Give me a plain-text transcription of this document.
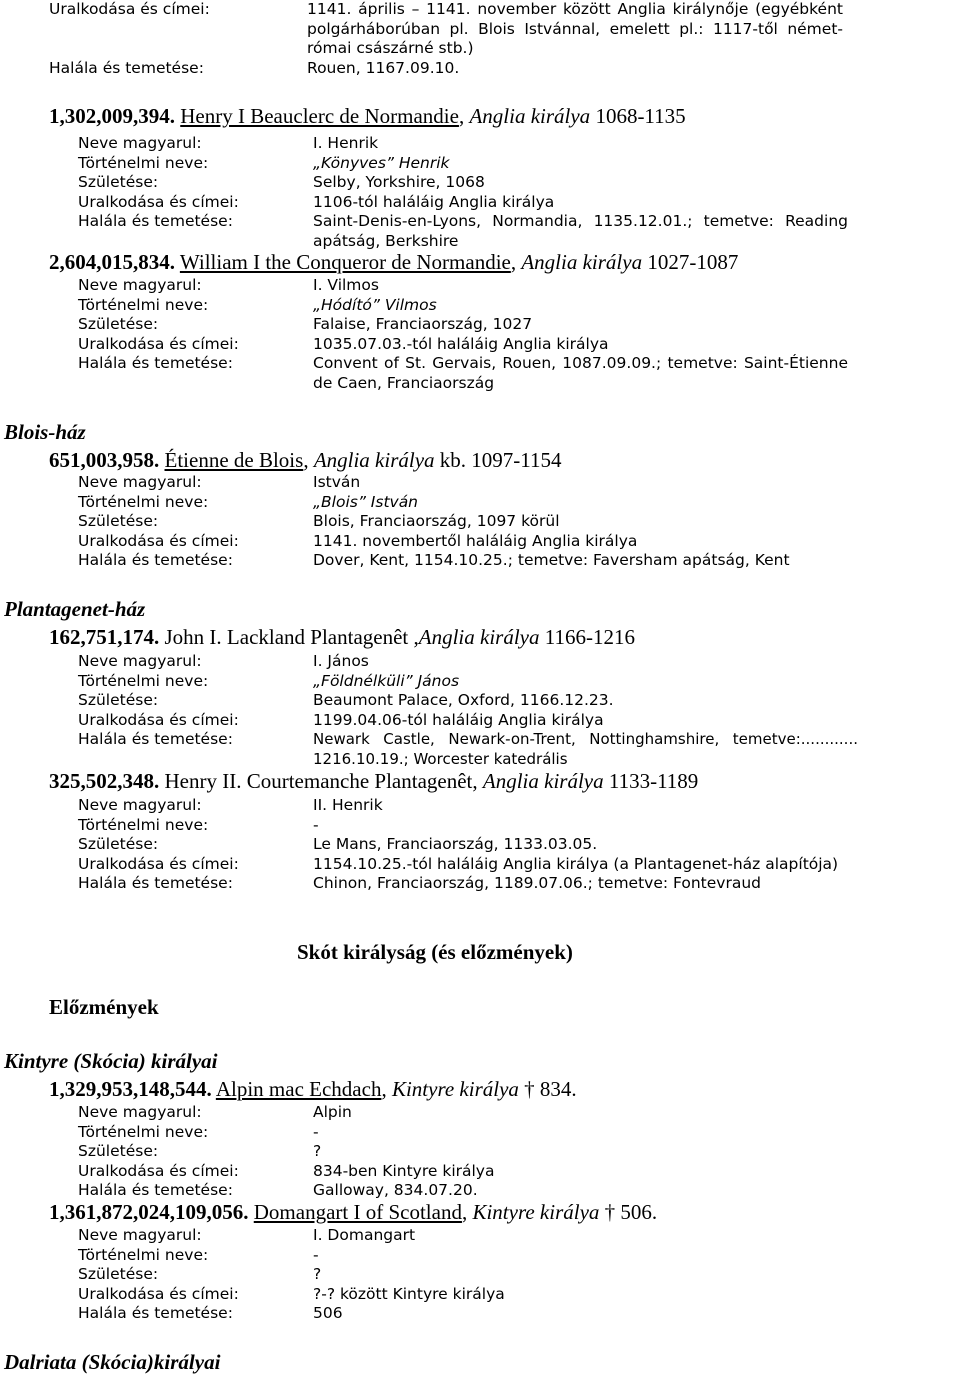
Uralkodása és címei:	1141. április – 1141. november között Anglia királynője (egyébként polgárháborúban pl. Blois Istvánnal, emelett pl.: 1117-től német-római császárné stb.)
Halála és temetése:	Rouen, 1167.09.10.
1,302,009,394. Henry I Beauclerc de Normandie, Anglia királya 1068-1135
Neve magyarul:	I. Henrik
Történelmi neve:	„Könyves” Henrik
Születése:	Selby, Yorkshire, 1068
Uralkodása és címei:	1106-tól haláláig Anglia királya
Halála és temetése:	Saint-Denis-en-Lyons, Normandia, 1135.12.01.; temetve: Reading apátság, Berkshire
2,604,015,834. William I the Conqueror de Normandie, Anglia királya 1027-1087
Neve magyarul:	I. Vilmos
Történelmi neve:	„Hódító” Vilmos
Születése:	Falaise, Franciaország, 1027
Uralkodása és címei:	1035.07.03.-tól haláláig Anglia királya
Halála és temetése:	Convent of St. Gervais, Rouen, 1087.09.09.; temetve: Saint-Étienne de Caen, Franciaország
Blois-ház
651,003,958. Étienne de Blois, Anglia királya kb. 1097-1154
Neve magyarul:	István
Történelmi neve:	„Blois” István
Születése:	Blois, Franciaország, 1097 körül
Uralkodása és címei:	1141. novembertől haláláig Anglia királya
Halála és temetése:	Dover, Kent, 1154.10.25.; temetve: Faversham apátság, Kent
Plantagenet-ház
162,751,174. John I. Lackland Plantagenêt ,Anglia királya 1166-1216
Neve magyarul:	I. János
Történelmi neve:	„Földnélküli” János
Születése:	Beaumont Palace, Oxford, 1166.12.23.
Uralkodása és címei:	1199.04.06-tól haláláig Anglia királya
Halála és temetése:	Newark Castle, Newark-on-Trent, Nottinghamshire, temetve:............ 1216.10.19.; Worcester katedrális
325,502,348. Henry II. Courtemanche Plantagenêt, Anglia királya 1133-1189
Neve magyarul:	II. Henrik
Történelmi neve:	-
Születése:	Le Mans, Franciaország, 1133.03.05.
Uralkodása és címei:	1154.10.25.-tól haláláig Anglia királya (a Plantagenet-ház alapítója)
Halála és temetése:	Chinon, Franciaország, 1189.07.06.; temetve: Fontevraud
Skót királyság (és előzmények)
Előzmények
Kintyre (Skócia) királyai
1,329,953,148,544. Alpin mac Echdach, Kintyre királya † 834.
Neve magyarul:	Alpin
Történelmi neve:	-
Születése:	?
Uralkodása és címei:	834-ben Kintyre királya
Halála és temetése:	Galloway, 834.07.20.
1,361,872,024,109,056. Domangart I of Scotland, Kintyre királya † 506.
Neve magyarul:	I. Domangart
Történelmi neve:	-
Születése:	?
Uralkodása és címei:	?-? között Kintyre királya
Halála és temetése:	506
Dalriata (Skócia)királyai
